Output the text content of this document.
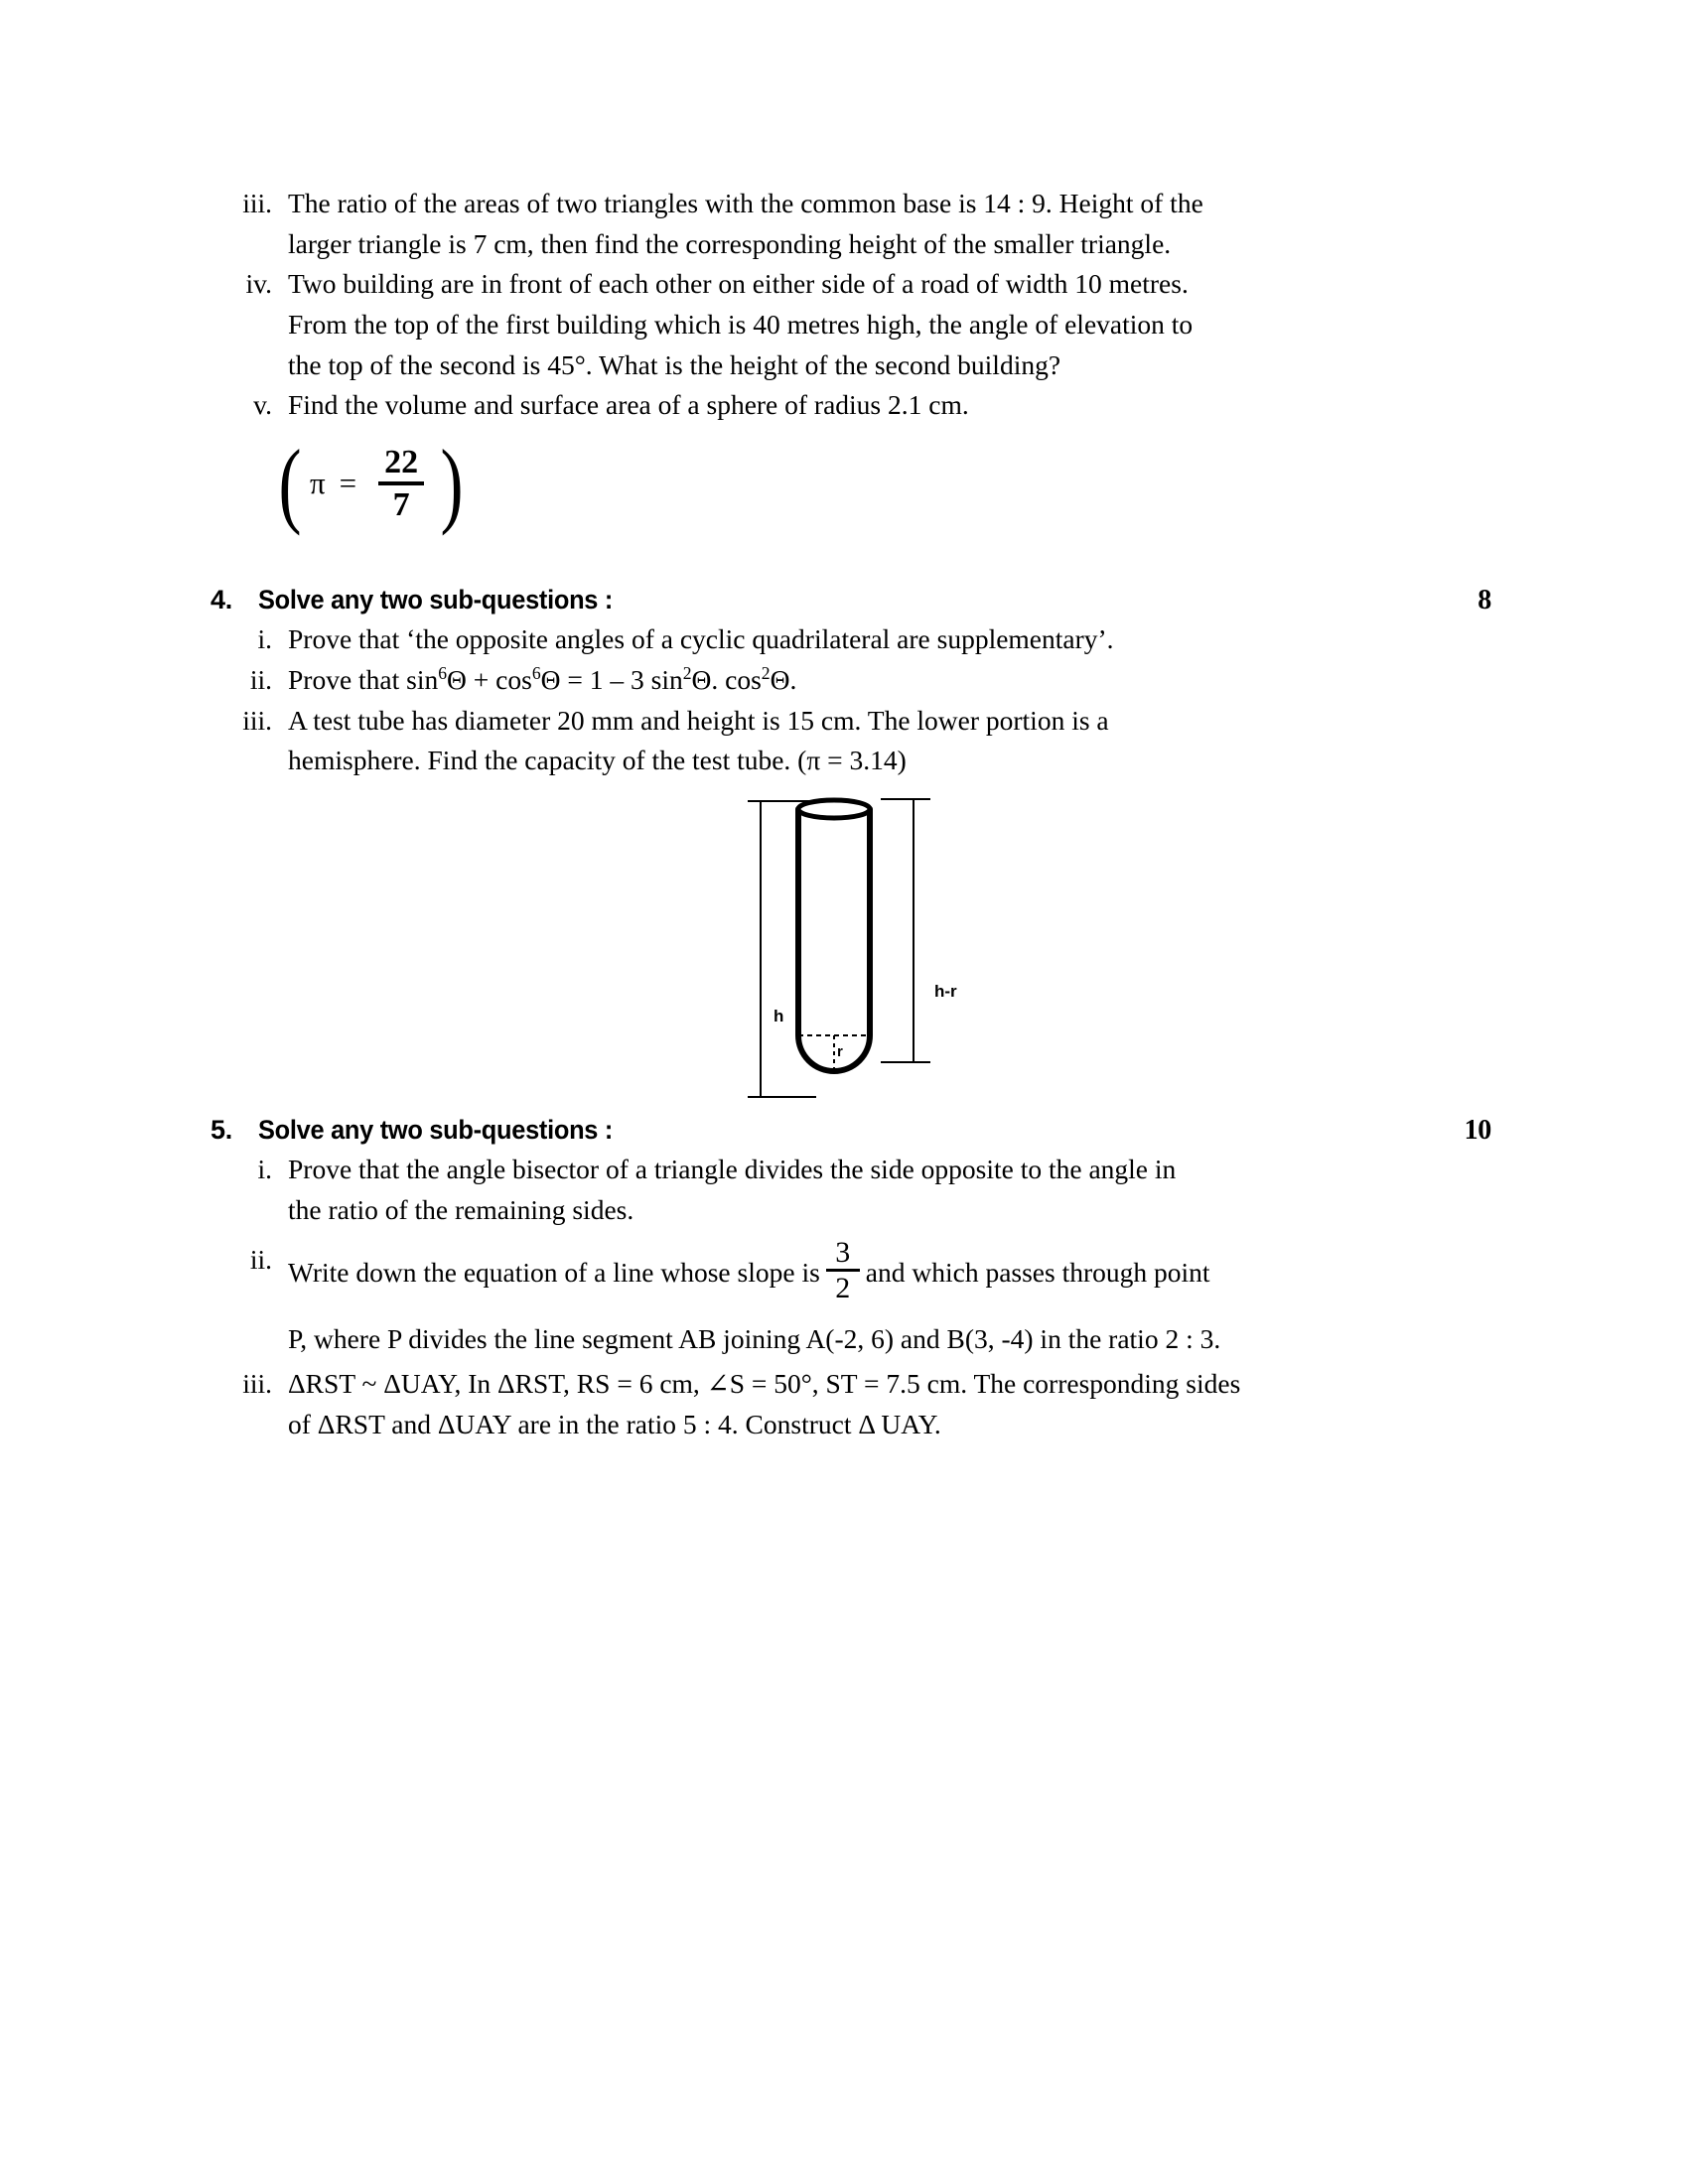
iii. The ratio of the areas of two triangles with the common base is 14 : 9. Height of the
larger triangle is 7 cm, then find the corresponding height of the smaller triangle.
iv. Two building are in front of each other on either side of a road of width 10 metres.
From the top of the first building which is 40 metres high, the angle of elevation to
the top of the second is 45°. What is the height of the second building?
v. Find the volume and surface area of a sphere of radius 2.1 cm.
( $\pi = \frac{22}{7}$ )
4. Solve any two sub-questions :	8
i. Prove that ‘the opposite angles of a cyclic quadrilateral are supplementary’.
ii. Prove that $\sin^6\Theta + \cos^6\Theta = 1 - 3$ $\sin^2\Theta$. $\cos^2\Theta$.
iii. A test tube has diameter 20 mm and height is 15 cm. The lower portion is a
hemisphere. Find the capacity of the test tube. (π = 3.14)
h
h-r
r
5. Solve any two sub-questions :	10
i. Prove that the angle bisector of a triangle divides the side opposite to the angle in
the ratio of the remaining sides.
ii. Write down the equation of a line whose slope is $\frac{3}{2}$ and which passes through point
P, where P divides the line segment AB joining A(-2, 6) and B(3, -4) in the ratio 2 : 3.
iii. ΔRST ~ ΔUAY, In ΔRST, RS = 6 cm, ∠S = 50°, ST = 7.5 cm. The corresponding sides
of ΔRST and ΔUAY are in the ratio 5 : 4. Construct Δ UAY.
